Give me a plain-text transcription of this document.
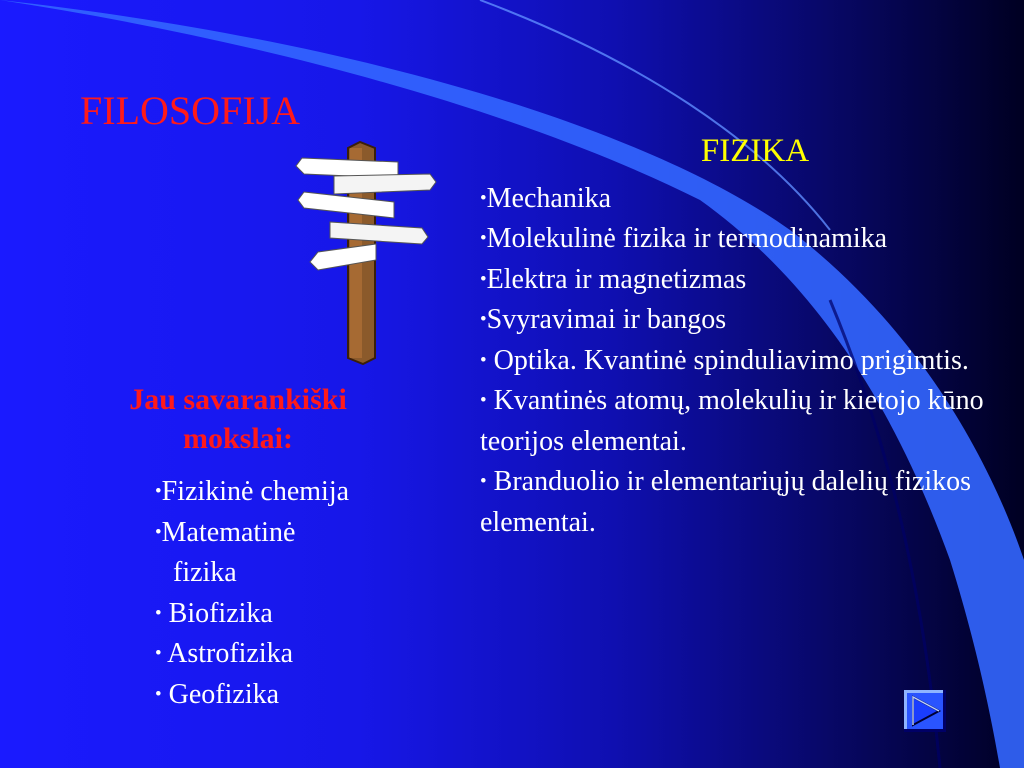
FILOSOFIJA
Jau savarankiški mokslai:
•Fizikinė chemija
•Matematinė
fizika
• Biofizika
• Astrofizika
• Geofizika
FIZIKA
•Mechanika
•Molekulinė fizika ir termodinamika
•Elektra ir magnetizmas
•Svyravimai ir bangos
• Optika. Kvantinė spinduliavimo prigimtis.
• Kvantinės atomų, molekulių ir kietojo kūno teorijos elementai.
• Branduolio ir elementariųjų dalelių fizikos elementai.
